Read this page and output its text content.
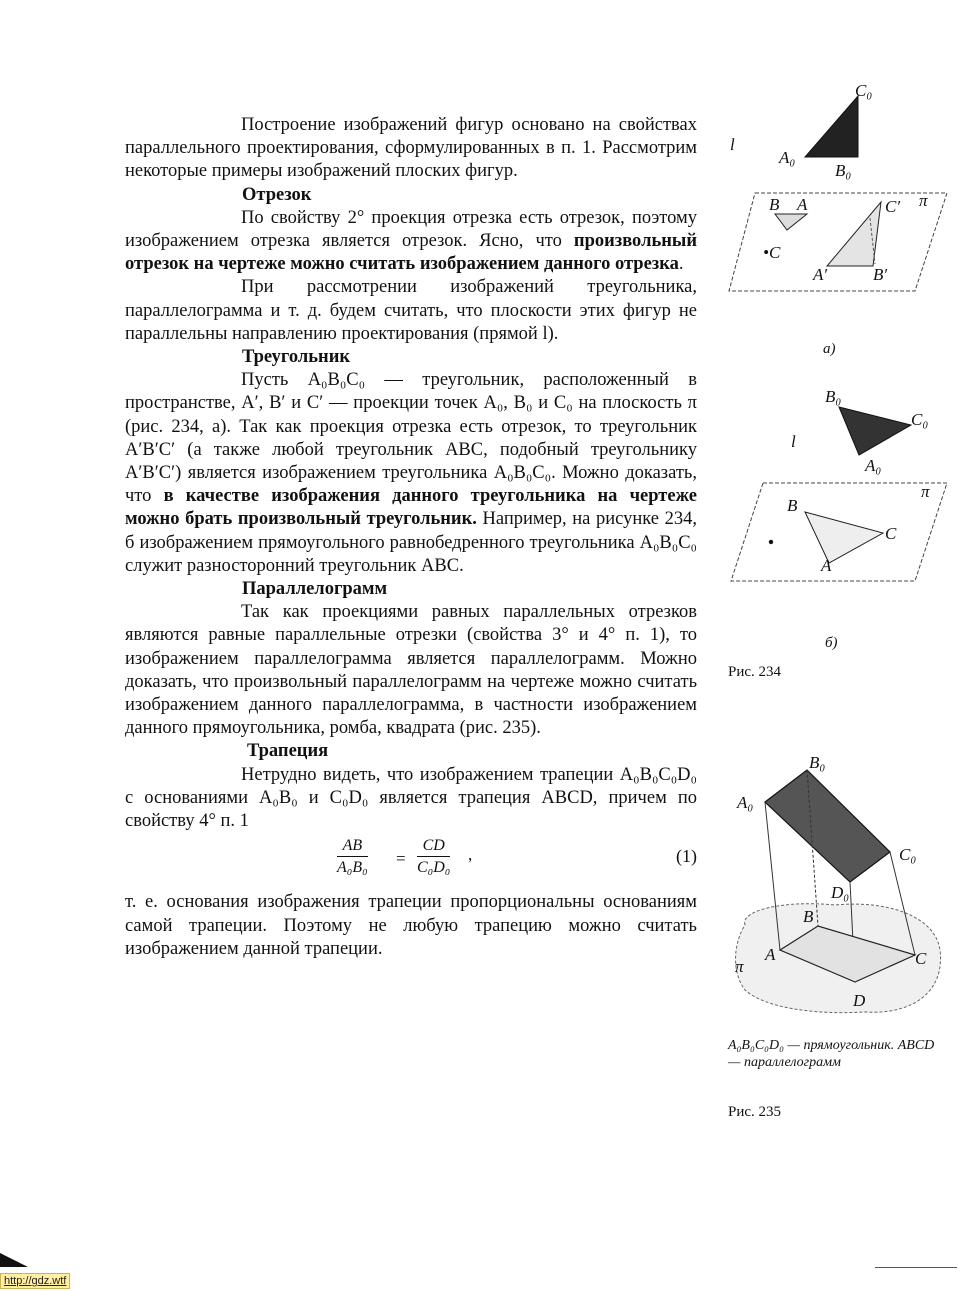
Построение изображений фигур основано на свойствах параллельного проектирования, сформулированных в п. 1. Рассмотрим некоторые примеры изображений плоских фигур.

Отрезок

По свойству 2° проекция отрезка есть отрезок, поэтому изображением отрезка является отрезок. Ясно, что произвольный отрезок на чертеже можно считать изображением данного отрезка.

При рассмотрении изображений треугольника, параллелограмма и т. д. будем считать, что плоскости этих фигур не параллельны направлению проектирования (прямой l).

Треугольник

Пусть A₀B₀C₀ — треугольник, расположенный в пространстве, A′, B′ и C′ — проекции точек A₀, B₀ и C₀ на плоскость π (рис. 234, а). Так как проекция отрезка есть отрезок, то треугольник A′B′C′ (а также любой треугольник ABC, подобный треугольнику A′B′C′) является изображением треугольника A₀B₀C₀. Можно доказать, что в качестве изображения данного треугольника на чертеже можно брать произвольный треугольник. Например, на рисунке 234, б изображением прямоугольного равнобедренного треугольника A₀B₀C₀ служит разносторонний треугольник ABC.

Параллелограмм

Так как проекциями равных параллельных отрезков являются равные параллельные отрезки (свойства 3° и 4° п. 1), то изображением параллелограмма является параллелограмм. Можно доказать, что произвольный параллелограмм на чертеже можно считать изображением данного параллелограмма, в частности изображением данного прямоугольника, ромба, квадрата (рис. 235).

Трапеция

Нетрудно видеть, что изображением трапеции A₀B₀C₀D₀ с основаниями A₀B₀ и C₀D₀ является трапеция ABCD, причем по свойству 4° п. 1

$\frac{AB}{\text{A₀B₀}} = \frac{CD}{\text{C₀D₀}}$ ,	(1)

т. е. основания изображения трапеции пропорциональны основаниям самой трапеции. Поэтому не любую трапецию можно считать изображением данной трапеции.

C₀
l
A₀
B₀
B A	C′ π
•C
A′	B′
а)
B₀
C₀
l
A₀
π
B
C
A
б)
Рис. 234
B₀
A₀
C₀
D₀
B
A	C
D
π
A₀B₀C₀D₀ — прямоугольник. ABCD — параллелограмм
Рис. 235
http://gdz.wtf
